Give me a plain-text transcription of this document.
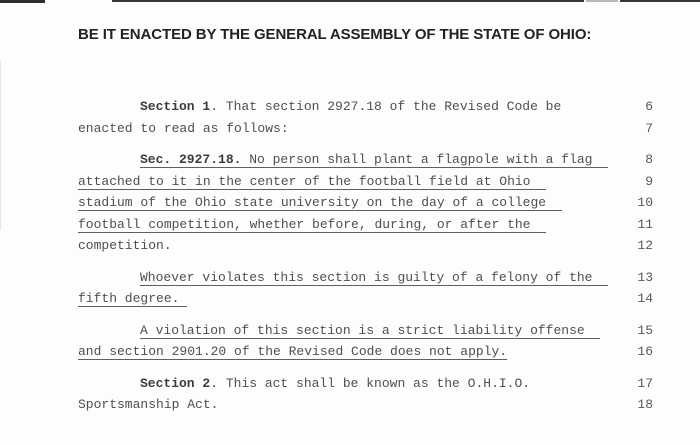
BE IT ENACTED BY THE GENERAL ASSEMBLY OF THE STATE OF OHIO:
Section 1. That section 2927.18 of the Revised Code be	6
enacted to read as follows:	7
Sec. 2927.18. No person shall plant a flagpole with a flag	8
attached to it in the center of the football field at Ohio	9
stadium of the Ohio state university on the day of a college	10
football competition, whether before, during, or after the	11
competition.	12
Whoever violates this section is guilty of a felony of the	13
fifth degree.	14
A violation of this section is a strict liability offense	15
and section 2901.20 of the Revised Code does not apply.	16
Section 2. This act shall be known as the O.H.I.O.	17
Sportsmanship Act.	18
